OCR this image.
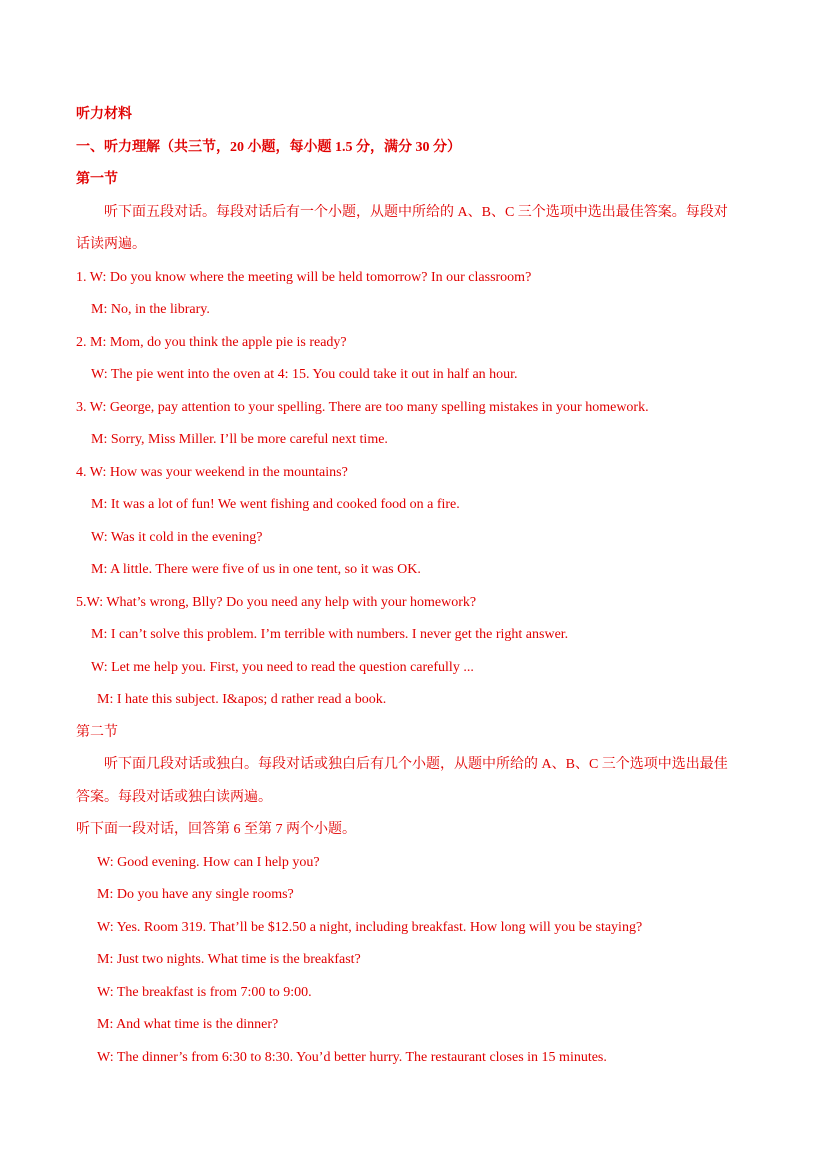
听力材料
一、听力理解（共三节，20 小题，每小题 1.5 分，满分 30 分）
第一节
听下面五段对话。每段对话后有一个小题，从题中所给的 A、B、C 三个选项中选出最佳答案。每段对
话读两遍。
1. W: Do you know where the meeting will be held tomorrow? In our classroom?
M: No, in the library.
2. M: Mom, do you think the apple pie is ready?
W: The pie went into the oven at 4: 15. You could take it out in half an hour.
3. W: George, pay attention to your spelling. There are too many spelling mistakes in your homework.
M: Sorry, Miss Miller. I’ll be more careful next time.
4. W: How was your weekend in the mountains?
M: It was a lot of fun! We went fishing and cooked food on a fire.
W: Was it cold in the evening?
M: A little. There were five of us in one tent, so it was OK.
5.W: What’s wrong, Blly? Do you need any help with your homework?
M: I can’t solve this problem. I’m terrible with numbers. I never get the right answer.
W: Let me help you. First, you need to read the question carefully ...
M: I hate this subject. I&apos; d rather read a book.
第二节
听下面几段对话或独白。每段对话或独白后有几个小题，从题中所给的 A、B、C 三个选项中选出最佳
答案。每段对话或独白读两遍。
听下面一段对话，回答第 6 至第 7 两个小题。
W: Good evening. How can I help you?
M: Do you have any single rooms?
W: Yes. Room 319. That’ll be $12.50 a night, including breakfast. How long will you be staying?
M: Just two nights. What time is the breakfast?
W: The breakfast is from 7:00 to 9:00.
M: And what time is the dinner?
W: The dinner’s from 6:30 to 8:30. You’d better hurry. The restaurant closes in 15 minutes.
